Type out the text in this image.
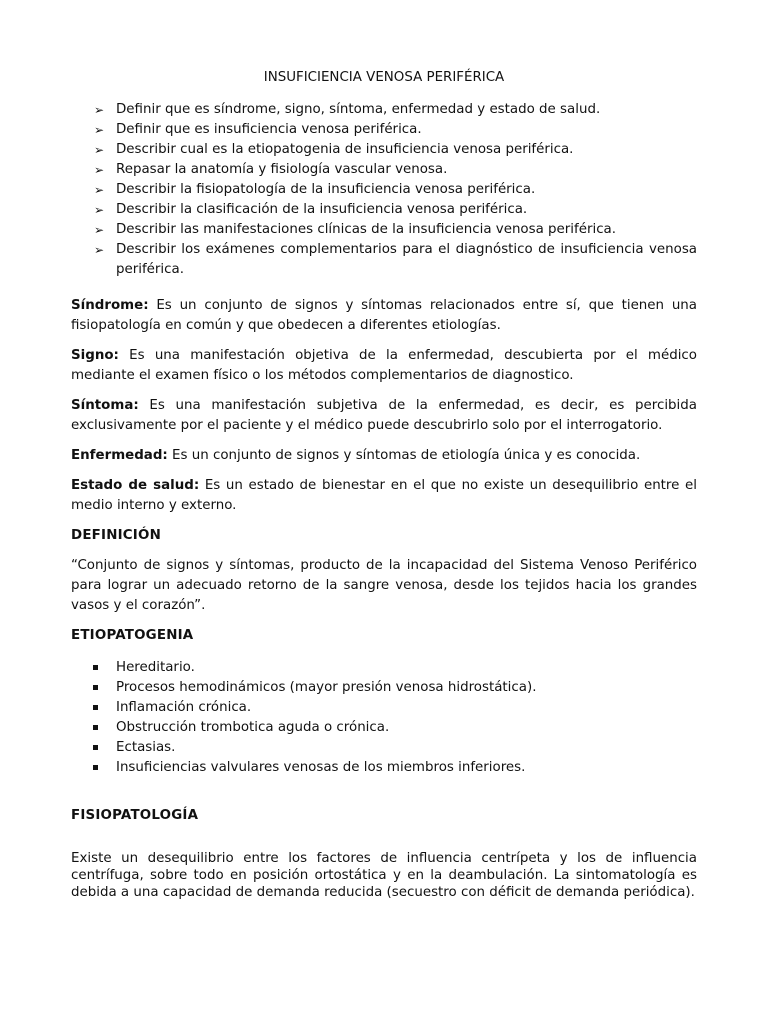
INSUFICIENCIA VENOSA PERIFÉRICA
➢ Definir que es síndrome, signo, síntoma, enfermedad y estado de salud.
➢ Definir que es insuficiencia venosa periférica.
➢ Describir cual es la etiopatogenia de insuficiencia venosa periférica.
➢ Repasar la anatomía y fisiología vascular venosa.
➢ Describir la fisiopatología de la insuficiencia venosa periférica.
➢ Describir la clasificación de la insuficiencia venosa periférica.
➢ Describir las manifestaciones clínicas de la insuficiencia venosa periférica.
➢ Describir los exámenes complementarios para el diagnóstico de insuficiencia venosa periférica.

Síndrome: Es un conjunto de signos y síntomas relacionados entre sí, que tienen una fisiopatología en común y que obedecen a diferentes etiologías.

Signo: Es una manifestación objetiva de la enfermedad, descubierta por el médico mediante el examen físico o los métodos complementarios de diagnostico.

Síntoma: Es una manifestación subjetiva de la enfermedad, es decir, es percibida exclusivamente por el paciente y el médico puede descubrirlo solo por el interrogatorio.

Enfermedad: Es un conjunto de signos y síntomas de etiología única y es conocida.

Estado de salud: Es un estado de bienestar en el que no existe un desequilibrio entre el medio interno y externo.

DEFINICIÓN

“Conjunto de signos y síntomas, producto de la incapacidad del Sistema Venoso Periférico para lograr un adecuado retorno de la sangre venosa, desde los tejidos hacia los grandes vasos y el corazón”.

ETIOPATOGENIA
Hereditario.
Procesos hemodinámicos (mayor presión venosa hidrostática).
Inflamación crónica.
Obstrucción trombotica aguda o crónica.
Ectasias.
Insuficiencias valvulares venosas de los miembros inferiores.
FISIOPATOLOGÍA

Existe un desequilibrio entre los factores de influencia centrípeta y los de influencia centrífuga, sobre todo en posición ortostática y en la deambulación. La sintomatología es debida a una capacidad de demanda reducida (secuestro con déficit de demanda periódica).
